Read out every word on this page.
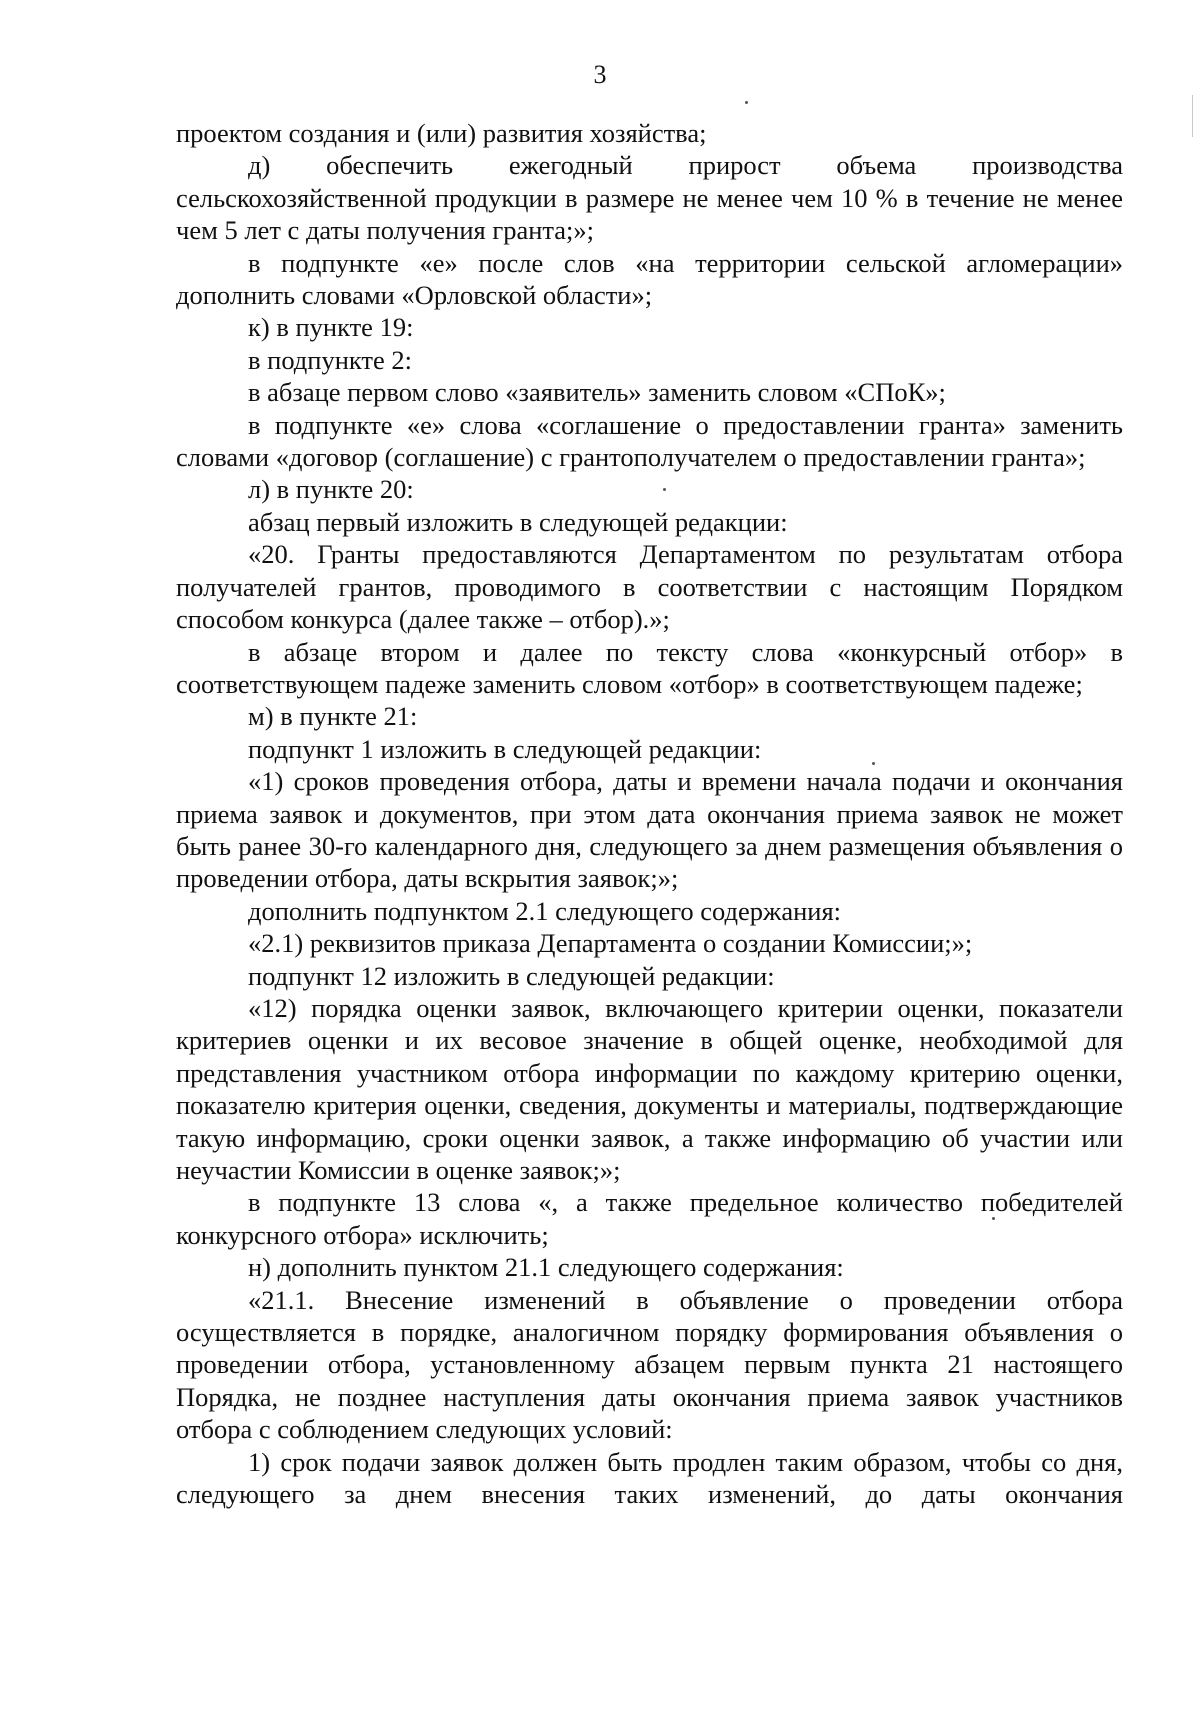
3

проектом создания и (или) развития хозяйства;

д) обеспечить ежегодный прирост объема производства сельскохозяйственной продукции в размере не менее чем 10 % в течение не менее чем 5 лет с даты получения гранта;»;

в подпункте «е» после слов «на территории сельской агломерации» дополнить словами «Орловской области»;

к) в пункте 19:

в подпункте 2:

в абзаце первом слово «заявитель» заменить словом «СПоК»;

в подпункте «е» слова «соглашение о предоставлении гранта» заменить словами «договор (соглашение) с грантополучателем о предоставлении гранта»;

л) в пункте 20:

абзац первый изложить в следующей редакции:

«20. Гранты предоставляются Департаментом по результатам отбора получателей грантов, проводимого в соответствии с настоящим Порядком способом конкурса (далее также – отбор).»;

в абзаце втором и далее по тексту слова «конкурсный отбор» в соответствующем падеже заменить словом «отбор» в соответствующем падеже;

м) в пункте 21:

подпункт 1 изложить в следующей редакции:

«1) сроков проведения отбора, даты и времени начала подачи и окончания приема заявок и документов, при этом дата окончания приема заявок не может быть ранее 30-го календарного дня, следующего за днем размещения объявления о проведении отбора, даты вскрытия заявок;»;

дополнить подпунктом 2.1 следующего содержания:

«2.1) реквизитов приказа Департамента о создании Комиссии;»;

подпункт 12 изложить в следующей редакции:

«12) порядка оценки заявок, включающего критерии оценки, показатели критериев оценки и их весовое значение в общей оценке, необходимой для представления участником отбора информации по каждому критерию оценки, показателю критерия оценки, сведения, документы и материалы, подтверждающие такую информацию, сроки оценки заявок, а также информацию об участии или неучастии Комиссии в оценке заявок;»;

в подпункте 13 слова «, а также предельное количество победителей конкурсного отбора» исключить;

н) дополнить пунктом 21.1 следующего содержания:

«21.1. Внесение изменений в объявление о проведении отбора осуществляется в порядке, аналогичном порядку формирования объявления о проведении отбора, установленному абзацем первым пункта 21 настоящего Порядка, не позднее наступления даты окончания приема заявок участников отбора с соблюдением следующих условий:

1) срок подачи заявок должен быть продлен таким образом, чтобы со дня, следующего за днем внесения таких изменений, до даты окончания
